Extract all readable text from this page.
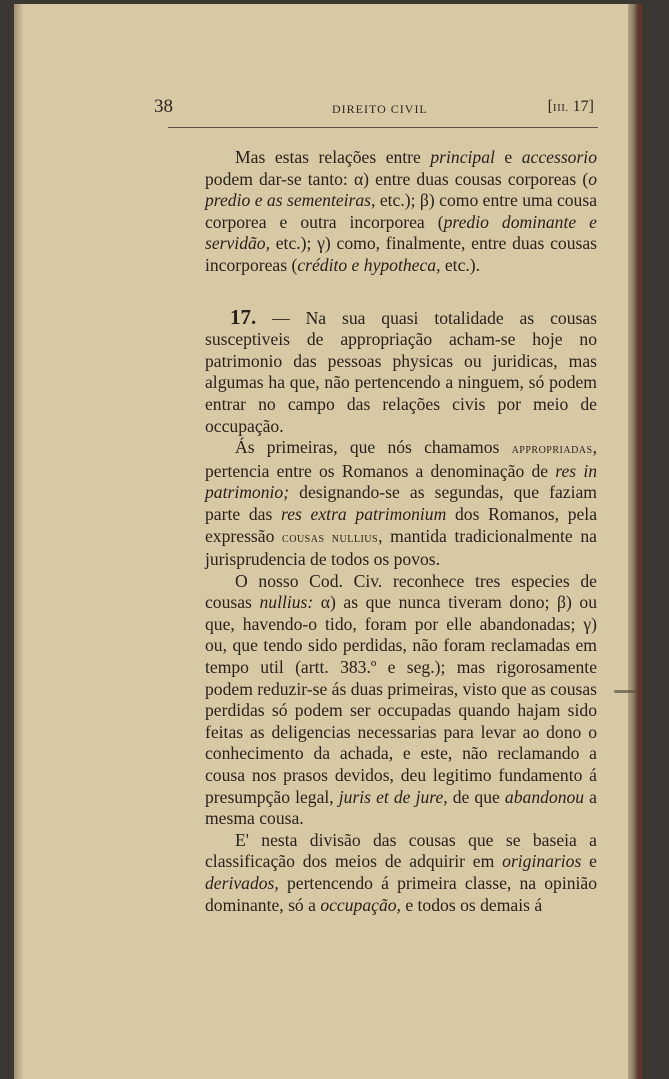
38	DIREITO CIVIL	[III. 17]

Mas estas relações entre principal e accessorio podem dar-se tanto: α) entre duas cousas corporeas (o predio e as sementeiras, etc.); β) como entre uma cousa corporea e outra incorporea (predio dominante e servidão, etc.); γ) como, finalmente, entre duas cousas incorporeas (crédito e hypotheca, etc.).

17. — Na sua quasi totalidade as cousas susceptiveis de appropriação acham-se hoje no patrimonio das pessoas physicas ou juridicas, mas algumas ha que, não pertencendo a ninguem, só podem entrar no campo das relações civis por meio de occupação.

Ás primeiras, que nós chamamos appropriadas, pertencia entre os Romanos a denominação de res in patrimonio; designando-se as segundas, que faziam parte das res extra patrimonium dos Romanos, pela expressão cousas nullius, mantida tradicionalmente na jurisprudencia de todos os povos.

O nosso Cod. Civ. reconhece tres especies de cousas nullius: α) as que nunca tiveram dono; β) ou que, havendo-o tido, foram por elle abandonadas; γ) ou, que tendo sido perdidas, não foram reclamadas em tempo util (artt. 383.º e seg.); mas rigorosamente podem reduzir-se ás duas primeiras, visto que as cousas perdidas só podem ser occupadas quando hajam sido feitas as deligencias necessarias para levar ao dono o conhecimento da achada, e este, não reclamando a cousa nos prasos devidos, deu legitimo fundamento á presumpção legal, juris et de jure, de que abandonou a mesma cousa.

E' nesta divisão das cousas que se baseia a classificação dos meios de adquirir em originarios e derivados, pertencendo á primeira classe, na opinião dominante, só a occupação, e todos os demais á
